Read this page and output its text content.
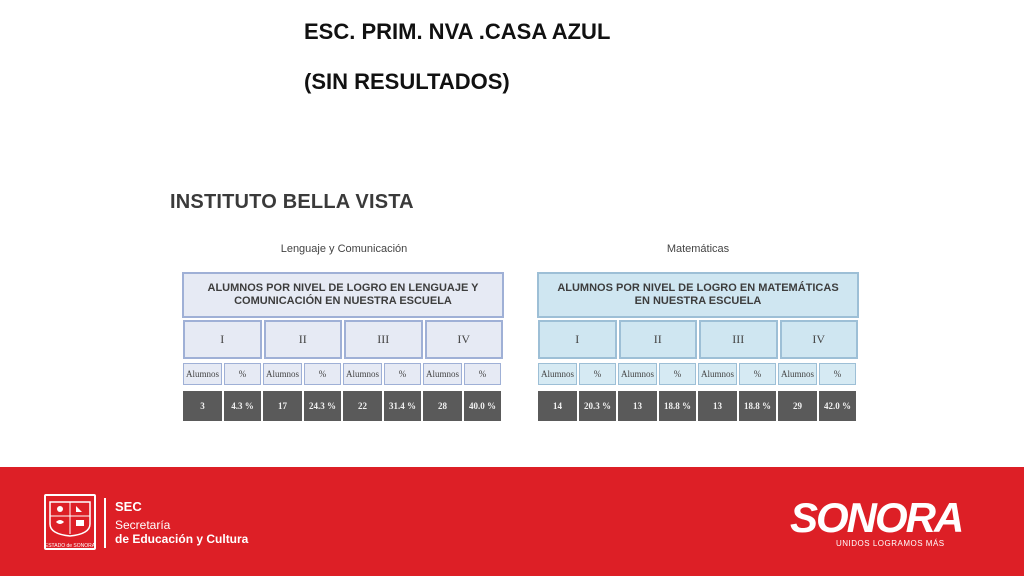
ESC. PRIM. NVA .CASA AZUL
(SIN RESULTADOS)
INSTITUTO BELLA VISTA
Lenguaje y Comunicación	Matemáticas
ALUMNOS POR NIVEL DE LOGRO EN LENGUAJE Y COMUNICACIÓN EN NUESTRA ESCUELA
I	II	III	IV
Alumnos	%	Alumnos	%	Alumnos	%	Alumnos	%
3	4.3 %	17	24.3 %	22	31.4 %	28	40.0 %
ALUMNOS POR NIVEL DE LOGRO EN MATEMÁTICAS EN NUESTRA ESCUELA
I	II	III	IV
Alumnos	%	Alumnos	%	Alumnos	%	Alumnos	%
14	20.3 %	13	18.8 %	13	18.8 %	29	42.0 %
ESTADO de SONORA
SEC
Secretaría
de Educación y Cultura	SONORA
UNIDOS LOGRAMOS MÁS
